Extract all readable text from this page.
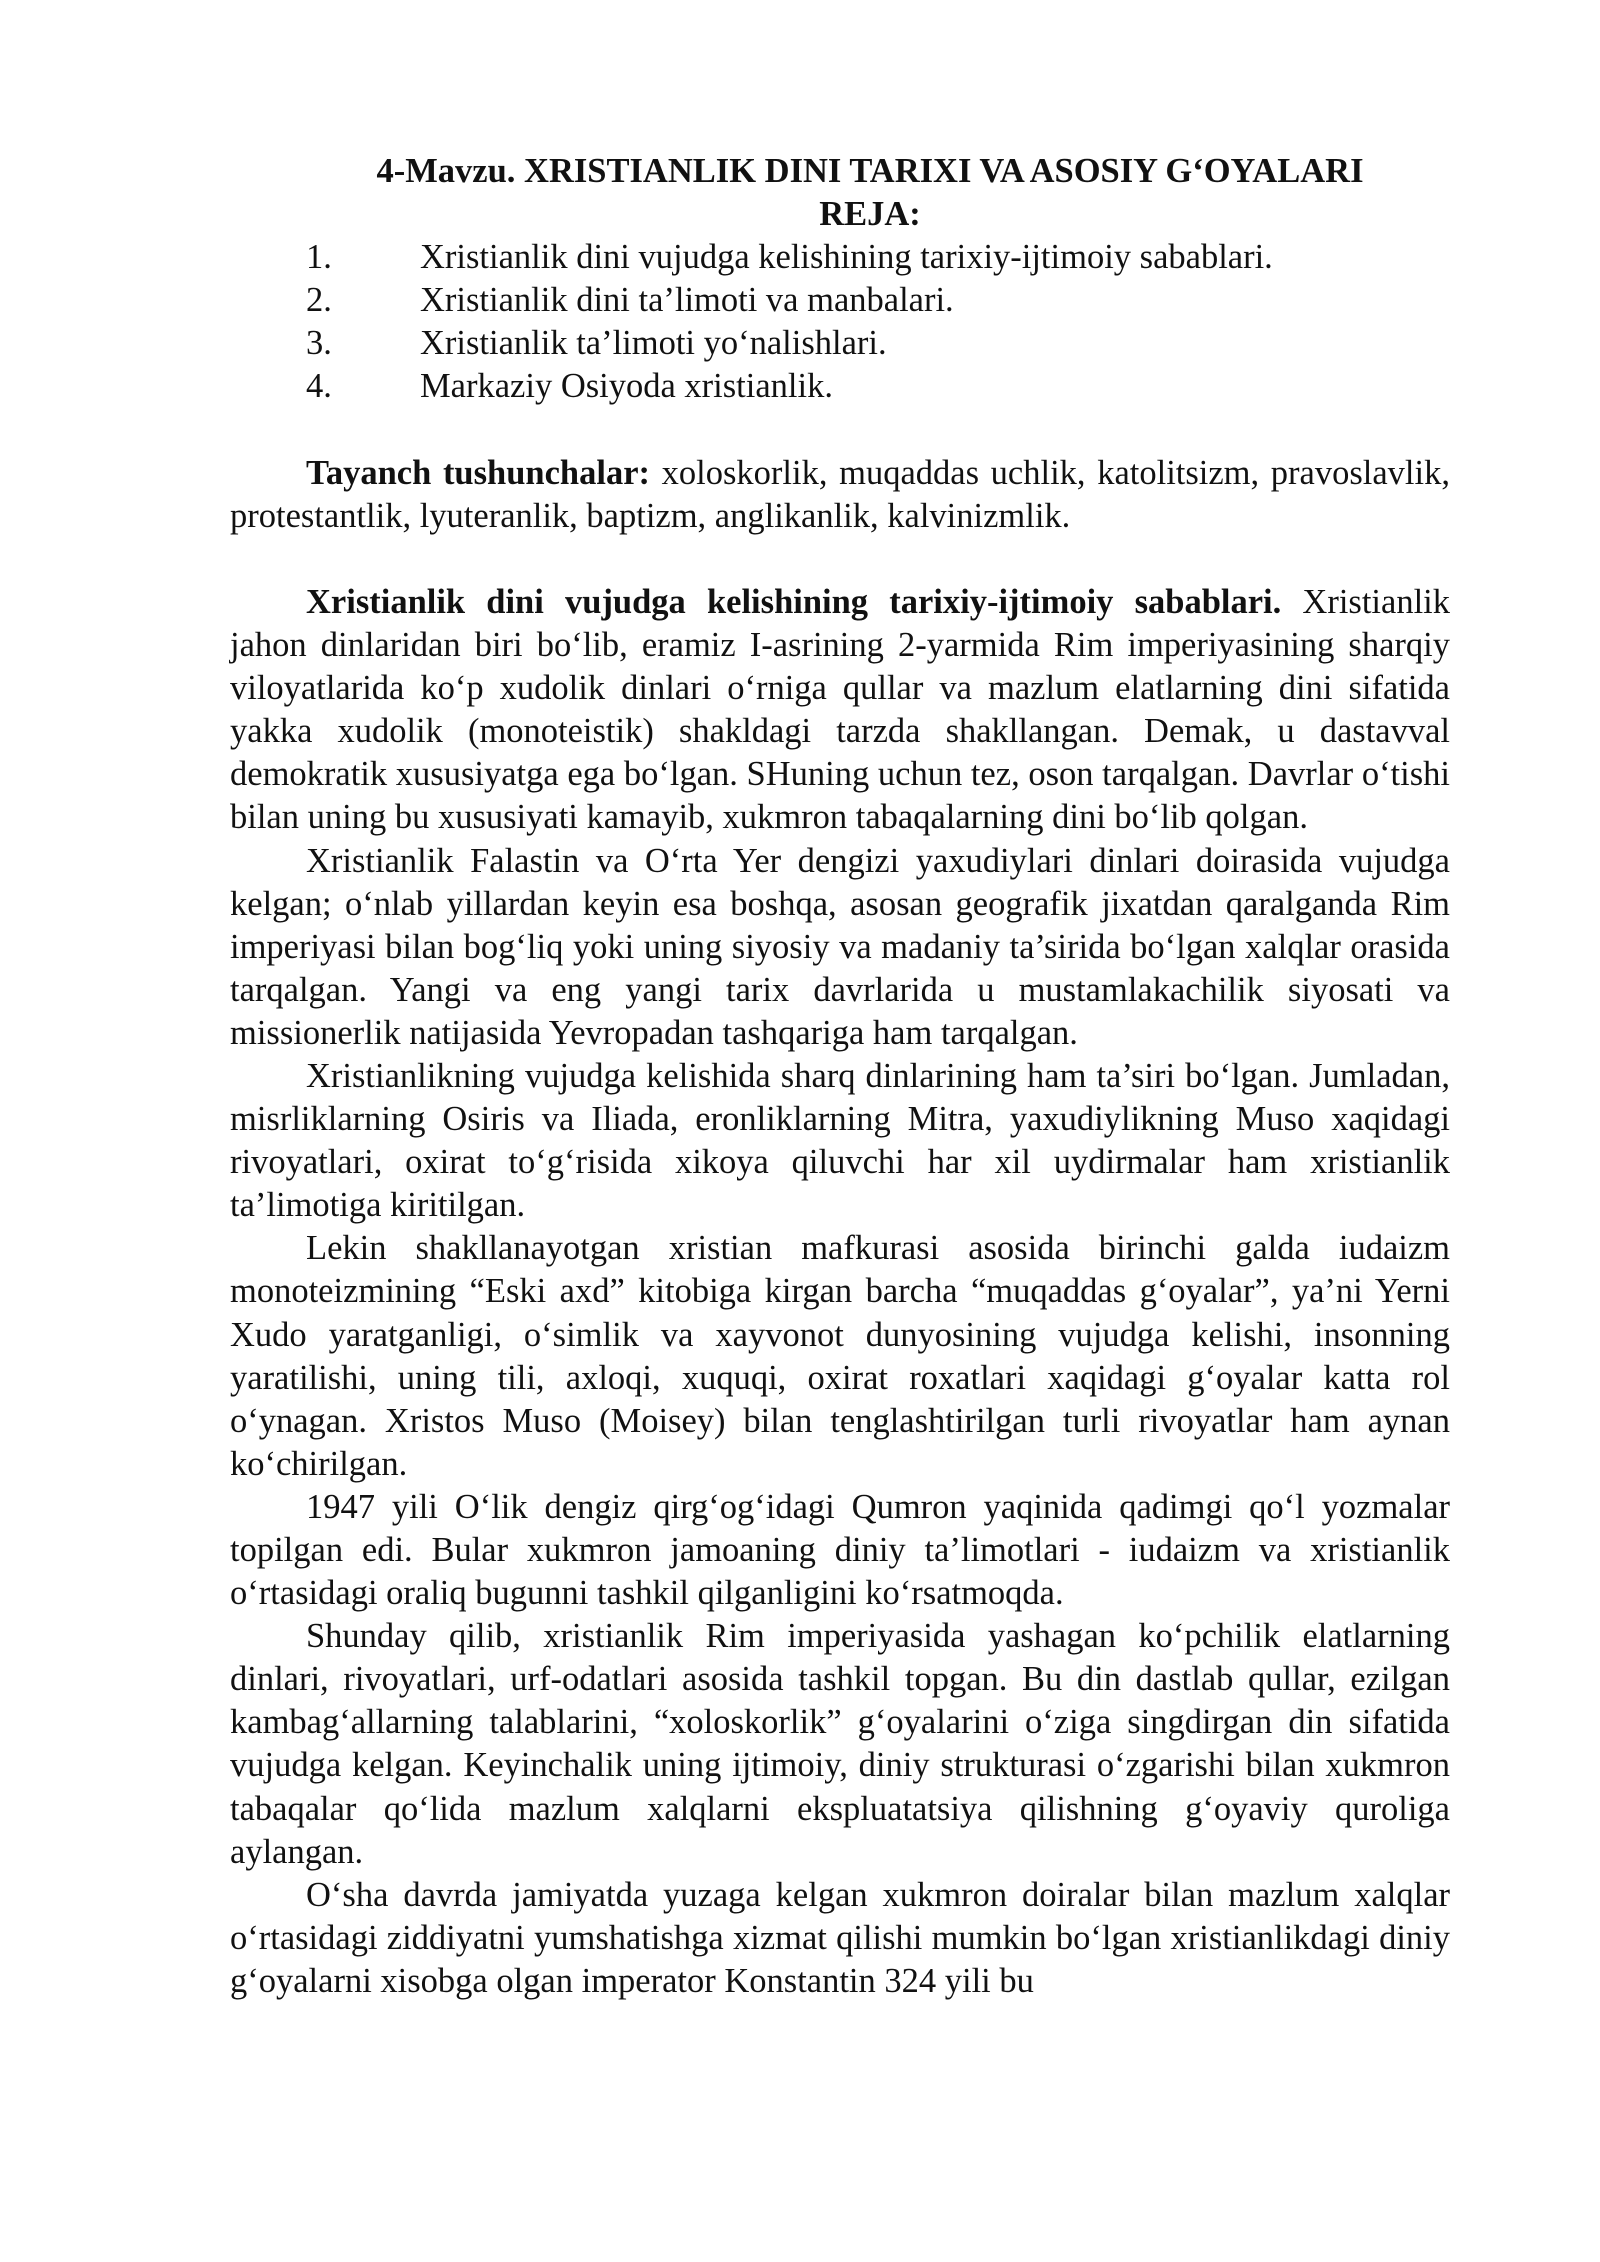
4-Mavzu. XRISTIANLIK DINI TARIXI VA ASOSIY G‘OYALARI
REJA:
1.	Xristianlik dini vujudga kelishining tarixiy-ijtimoiy sabablari.
2.	Xristianlik dini ta’limoti va manbalari.
3.	Xristianlik ta’limoti yo‘nalishlari.
4.	Markaziy Osiyoda xristianlik.

Tayanch tushunchalar: xoloskorlik, muqaddas uchlik, katolitsizm, pravoslavlik, protestantlik, lyuteranlik, baptizm, anglikanlik, kalvinizmlik.

Xristianlik dini vujudga kelishining tarixiy-ijtimoiy sabablari. Xristianlik jahon dinlaridan biri bo‘lib, eramiz I-asrining 2-yarmida Rim imperiyasining sharqiy viloyatlarida ko‘p xudolik dinlari o‘rniga qullar va mazlum elatlarning dini sifatida yakka xudolik (monoteistik) shakldagi tarzda shakllangan. Demak, u dastavval demokratik xususiyatga ega bo‘lgan. SHuning uchun tez, oson tarqalgan. Davrlar o‘tishi bilan uning bu xususiyati kamayib, xukmron tabaqalarning dini bo‘lib qolgan.

Xristianlik Falastin va O‘rta Yer dengizi yaxudiylari dinlari doirasida vujudga kelgan; o‘nlab yillardan keyin esa boshqa, asosan geografik jixatdan qaralganda Rim imperiyasi bilan bog‘liq yoki uning siyosiy va madaniy ta’sirida bo‘lgan xalqlar orasida tarqalgan. Yangi va eng yangi tarix davrlarida u mustamlakachilik siyosati va missionerlik natijasida Yevropadan tashqariga ham tarqalgan.

Xristianlikning vujudga kelishida sharq dinlarining ham ta’siri bo‘lgan. Jumladan, misrliklarning Osiris va Iliada, eronliklarning Mitra, yaxudiylikning Muso xaqidagi rivoyatlari, oxirat to‘g‘risida xikoya qiluvchi har xil uydirmalar ham xristianlik ta’limotiga kiritilgan.

Lekin shakllanayotgan xristian mafkurasi asosida birinchi galda iudaizm monoteizmining “Eski axd” kitobiga kirgan barcha “muqaddas g‘oyalar”, ya’ni Yerni Xudo yaratganligi, o‘simlik va xayvonot dunyosining vujudga kelishi, insonning yaratilishi, uning tili, axloqi, xuquqi, oxirat roxatlari xaqidagi g‘oyalar katta rol o‘ynagan. Xristos Muso (Moisey) bilan tenglashtirilgan turli rivoyatlar ham aynan ko‘chirilgan.

1947 yili O‘lik dengiz qirg‘og‘idagi Qumron yaqinida qadimgi qo‘l yozmalar topilgan edi. Bular xukmron jamoaning diniy ta’limotlari - iudaizm va xristianlik o‘rtasidagi oraliq bugunni tashkil qilganligini ko‘rsatmoqda.

Shunday qilib, xristianlik Rim imperiyasida yashagan ko‘pchilik elatlarning dinlari, rivoyatlari, urf-odatlari asosida tashkil topgan. Bu din dastlab qullar, ezilgan kambag‘allarning talablarini, “xoloskorlik” g‘oyalarini o‘ziga singdirgan din sifatida vujudga kelgan. Keyinchalik uning ijtimoiy, diniy strukturasi o‘zgarishi bilan xukmron tabaqalar qo‘lida mazlum xalqlarni ekspluatatsiya qilishning g‘oyaviy quroliga aylangan.

O‘sha davrda jamiyatda yuzaga kelgan xukmron doiralar bilan mazlum xalqlar o‘rtasidagi ziddiyatni yumshatishga xizmat qilishi mumkin bo‘lgan xristianlikdagi diniy g‘oyalarni xisobga olgan imperator Konstantin 324 yili bu
